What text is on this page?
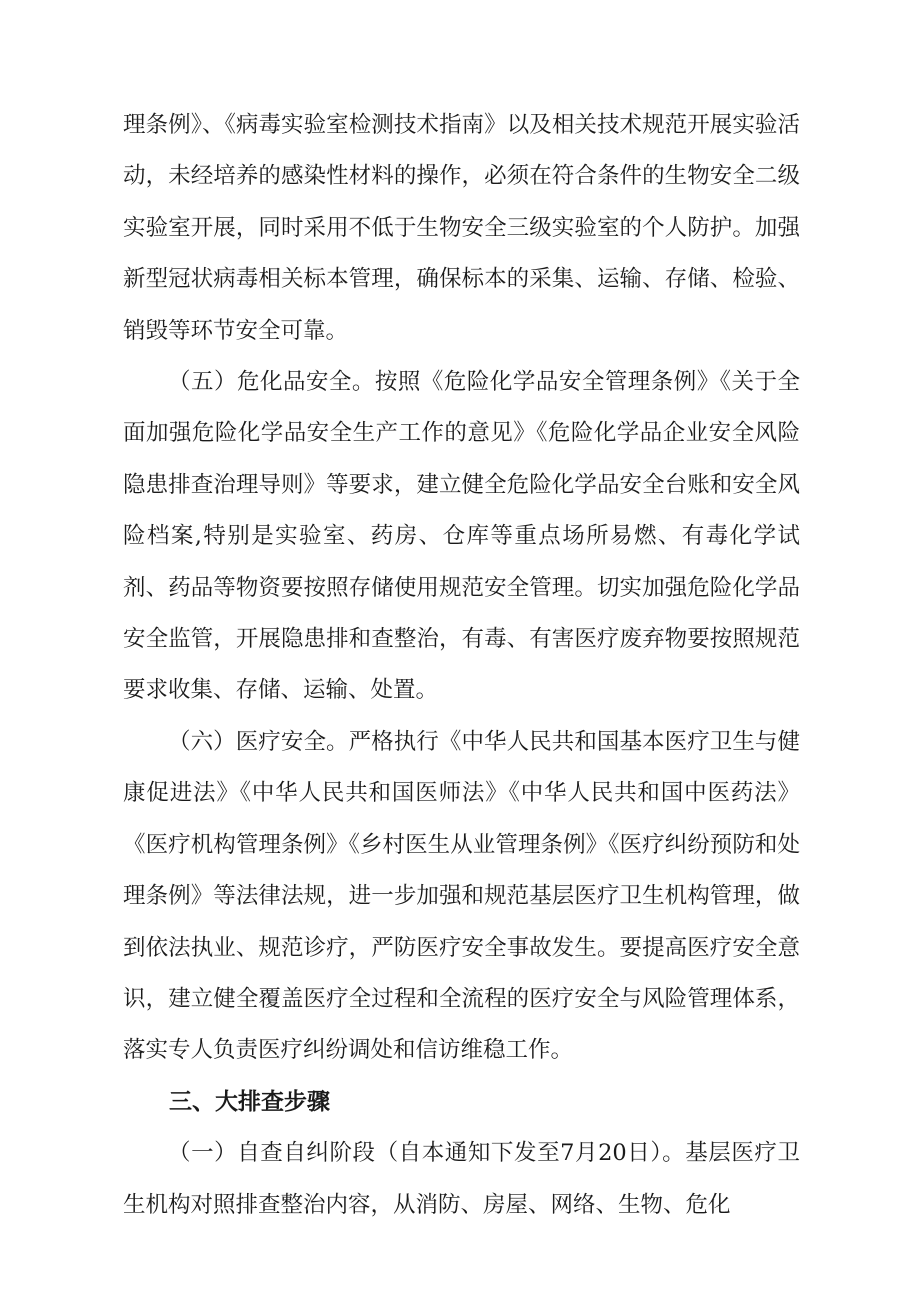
理条例》、《病毒实验室检测技术指南》以及相关技术规范开展实验活动，未经培养的感染性材料的操作，必须在符合条件的生物安全二级实验室开展，同时采用不低于生物安全三级实验室的个人防护。加强新型冠状病毒相关标本管理，确保标本的采集、运输、存储、检验、销毁等环节安全可靠。

（五）危化品安全。按照《危险化学品安全管理条例》《关于全面加强危险化学品安全生产工作的意见》《危险化学品企业安全风险隐患排查治理导则》等要求，建立健全危险化学品安全台账和安全风险档案,特别是实验室、药房、仓库等重点场所易燃、有毒化学试剂、药品等物资要按照存储使用规范安全管理。切实加强危险化学品安全监管，开展隐患排和查整治，有毒、有害医疗废弃物要按照规范要求收集、存储、运输、处置。

（六）医疗安全。严格执行《中华人民共和国基本医疗卫生与健康促进法》《中华人民共和国医师法》《中华人民共和国中医药法》《医疗机构管理条例》《乡村医生从业管理条例》《医疗纠纷预防和处理条例》等法律法规，进一步加强和规范基层医疗卫生机构管理，做到依法执业、规范诊疗，严防医疗安全事故发生。要提高医疗安全意识，建立健全覆盖医疗全过程和全流程的医疗安全与风险管理体系，落实专人负责医疗纠纷调处和信访维稳工作。

三、大排查步骤

（一）自查自纠阶段（自本通知下发至7月20日）。基层医疗卫生机构对照排查整治内容，从消防、房屋、网络、生物、危化
